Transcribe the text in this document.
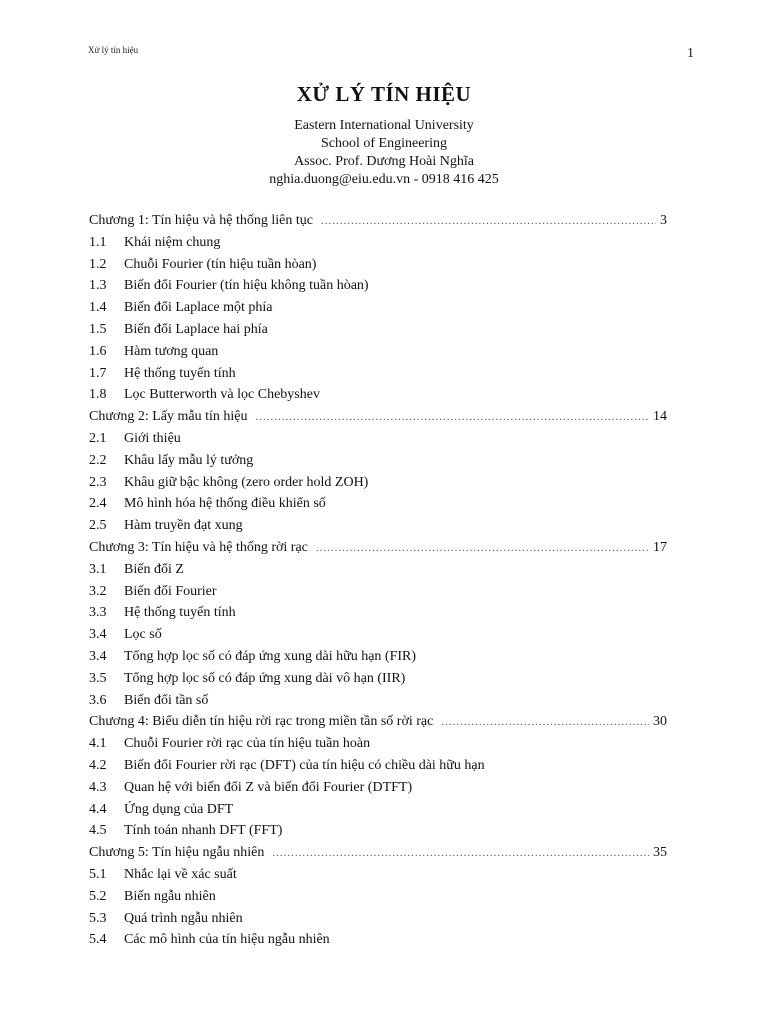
Xử lý tín hiệu	1
XỬ LÝ TÍN HIỆU
Eastern International University
School of Engineering
Assoc. Prof. Dương Hoài Nghĩa
nghia.duong@eiu.edu.vn - 0918 416 425
Chương 1: Tín hiệu và hệ thống liên tục .....	3
1.1	Khái niệm chung
1.2	Chuỗi Fourier (tín hiệu tuần hòan)
1.3	Biến đổi Fourier (tín hiệu không tuần hòan)
1.4	Biến đổi Laplace một phía
1.5	Biến đổi Laplace hai phía
1.6	Hàm tương quan
1.7	Hệ thống tuyến tính
1.8	Lọc Butterworth và lọc Chebyshev
Chương 2: Lấy mẫu tín hiệu .....	14
2.1	Giới thiệu
2.2	Khâu lấy mẫu lý tưởng
2.3	Khâu giữ bậc không (zero order hold ZOH)
2.4	Mô hình hóa hệ thống điều khiển số
2.5	Hàm truyền đạt xung
Chương 3: Tín hiệu và hệ thống rời rạc .....	17
3.1	Biến đổi Z
3.2	Biến đổi Fourier
3.3	Hệ thống tuyến tính
3.4	Lọc số
3.4	Tổng hợp lọc số có đáp ứng xung dài hữu hạn (FIR)
3.5	Tổng hợp lọc số có đáp ứng xung dài vô hạn (IIR)
3.6	Biến đổi tần số
Chương 4: Biểu diễn tín hiệu rời rạc trong miền tần số rời rạc .....	30
4.1	Chuỗi Fourier rời rạc của tín hiệu tuần hoàn
4.2	Biến đổi Fourier rời rạc (DFT) của tín hiệu có chiều dài hữu hạn
4.3	Quan hệ với biến đổi Z và biến đổi Fourier (DTFT)
4.4	Ứng dụng của DFT
4.5	Tính toán nhanh DFT (FFT)
Chương 5: Tín hiệu ngẫu nhiên .....	35
5.1	Nhắc lại về xác suất
5.2	Biến ngẫu nhiên
5.3	Quá trình ngẫu nhiên
5.4	Các mô hình của tín hiệu ngẫu nhiên
